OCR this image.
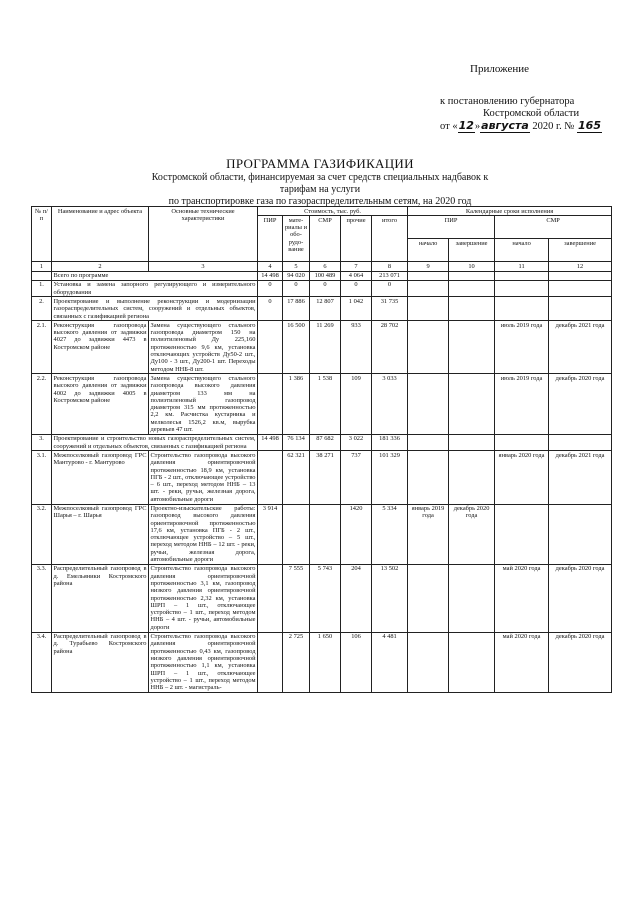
Приложение
к постановлению губернатора
Костромской области
от «12»августа 2020 г. № 165
ПРОГРАММА ГАЗИФИКАЦИИ
Костромской области, финансируемая за счет средств специальных надбавок к тарифам на услуги
по транспортировке газа по газораспределительным сетям, на 2020 год
№ п/п	Наименование и адрес объекта	Основные технические характеристики	Стоимость, тыс. руб.					Календарные сроки исполнения			
			ПИР	мате-риалы и обо-рудо-вание	СМР	прочие	итого	ПИР		СМР	
								начало	завершение	начало	завершение
1	2	3	4	5	6	7	8	9	10	11	12
	Всего по программе		14 498	94 020	100 489	4 064	213 071				
1.	Установка и замена запорного регулирующего и измерительного оборудования		0	0	0	0	0				
2.	Проектирование и выполнение реконструкции и модернизации газораспределительных систем, сооружений и отдельных объектов, связанных с газификацией региона		0	17 886	12 807	1 042	31 735				
2.1.	Реконструкция газопровода высокого давления от задвижки 4027 до задвижки 4473 в Костромском районе	Замена существующего стального газопровода диаметром 150 на полиэтиленовый Ду 225,160 протяженностью 9,6 км, установка отключающих устройств Ду50-2 шт., Ду100 - 3 шт., Ду200-1 шт. Переходы методом ННБ-8 шт.		16 500	11 269	933	28 702			июль 2019 года	декабрь 2021 года
2.2.	Реконструкция газопровода высокого давления от задвижки 4002 до задвижки 4005 в Костромском районе	Замена существующего стального газопровода высокого давления диаметром 133 мм на полиэтиленовый газопровод диаметром 315 мм протяженностью 2,2 км. Расчистка кустарника и мелколесья 1526,2 кв.м, вырубка деревьев 47 шт.		1 386	1 538	109	3 033			июль 2019 года	декабрь 2020 года
3.	Проектирование и строительство новых газораспределительных систем, сооружений и отдельных объектов, связанных с газификацией региона		14 498	76 134	87 682	3 022	181 336				
3.1.	Межпоселковый газопровод ГРС Мантурово - г. Мантурово	Строительство газопровода высокого давления ориентировочной протяженностью 18,9 км, установка ПГБ - 2 шт., отключающее устройство – 6 шт., переход методом ННБ – 13 шт. - реки, ручьи, железная дорога, автомобильные дороги		62 321	38 271	737	101 329			январь 2020 года	декабрь 2021 года
3.2.	Межпоселковый газопровод ГРС Шарья – г. Шарья	Проектно-изыскательские работы: газопровод высокого давления ориентировочной протяженностью 17,6 км, установка ПГБ - 2 шт., отключающее устройство – 5 шт., переход методом ННБ – 12 шт. - реки, ручьи, железная дорога, автомобильные дороги	3 914			1420	5 334	январь 2019 года	декабрь 2020 года		
3.3.	Распределительный газопровод в д. Емельяники Костромского района	Строительство газопровода высокого давления ориентировочной протяженностью 3,1 км, газопровод низкого давления ориентировочной протяженностью 2,32 км, установка ШРП – 1 шт., отключающее устройство – 1 шт., переход методом ННБ – 4 шт. - ручьи, автомобильные дороги		7 555	5 743	204	13 502			май 2020 года	декабрь 2020 года
3.4.	Распределительный газопровод в д. Турабьево Костромского района	Строительство газопровода высокого давления ориентировочной протяженностью 0,43 км, газопровод низкого давления ориентировочной протяженностью 1,1 км, установка ШРП – 1 шт., отключающее устройство – 1 шт., переход методом ННБ – 2 шт. - магистраль-		2 725	1 650	106	4 481			май 2020 года	декабрь 2020 года
